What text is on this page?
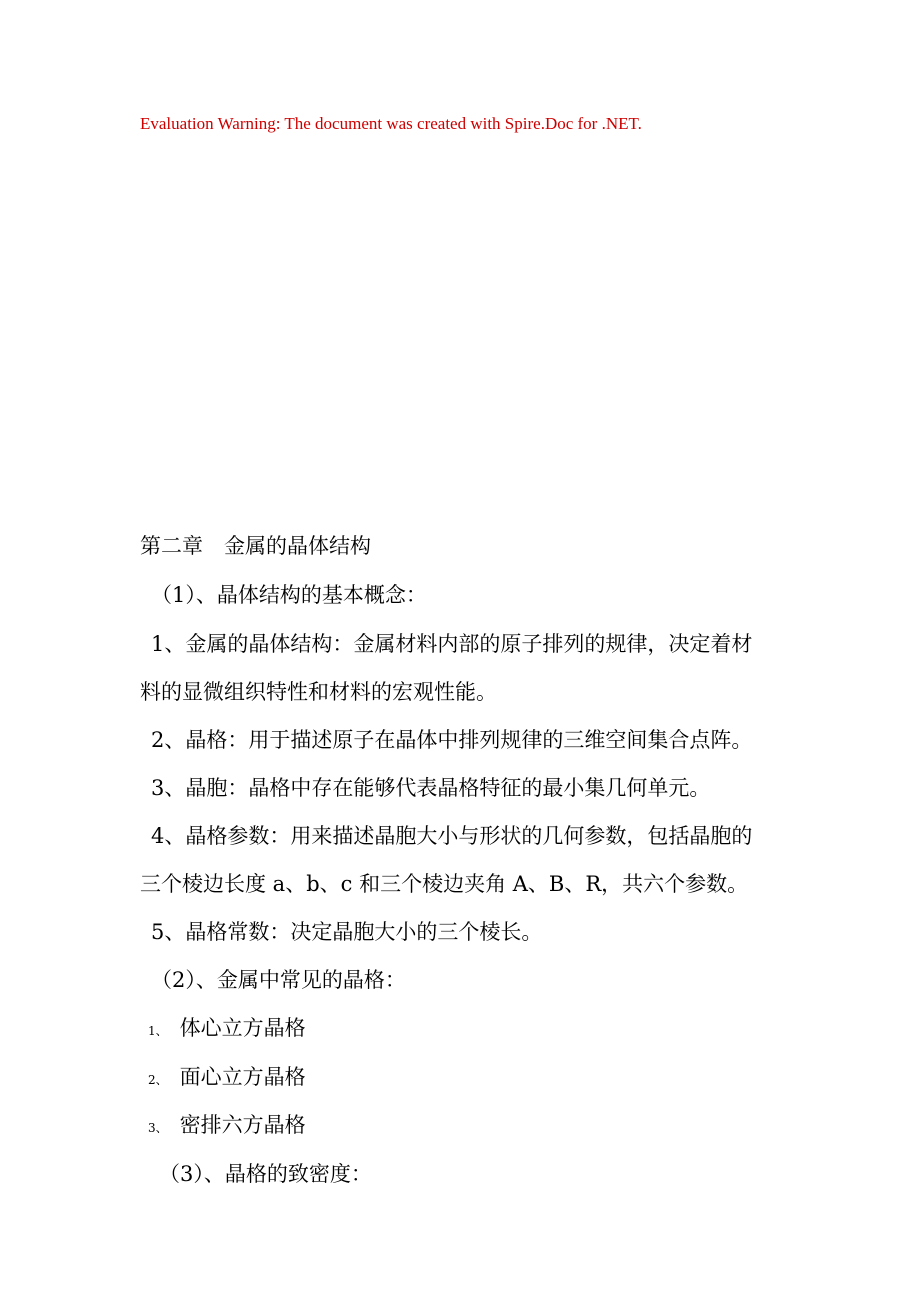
Evaluation Warning: The document was created with Spire.Doc for .NET.
第二章　金属的晶体结构
（1）、晶体结构的基本概念：
1、金属的晶体结构：金属材料内部的原子排列的规律，决定着材
料的显微组织特性和材料的宏观性能。
2、晶格：用于描述原子在晶体中排列规律的三维空间集合点阵。
3、晶胞：晶格中存在能够代表晶格特征的最小集几何单元。
4、晶格参数：用来描述晶胞大小与形状的几何参数，包括晶胞的
三个棱边长度 a、b、c 和三个棱边夹角 A、B、R，共六个参数。
5、晶格常数：决定晶胞大小的三个棱长。
（2）、金属中常见的晶格：
1、 体心立方晶格
2、 面心立方晶格
3、 密排六方晶格
（3）、晶格的致密度：
